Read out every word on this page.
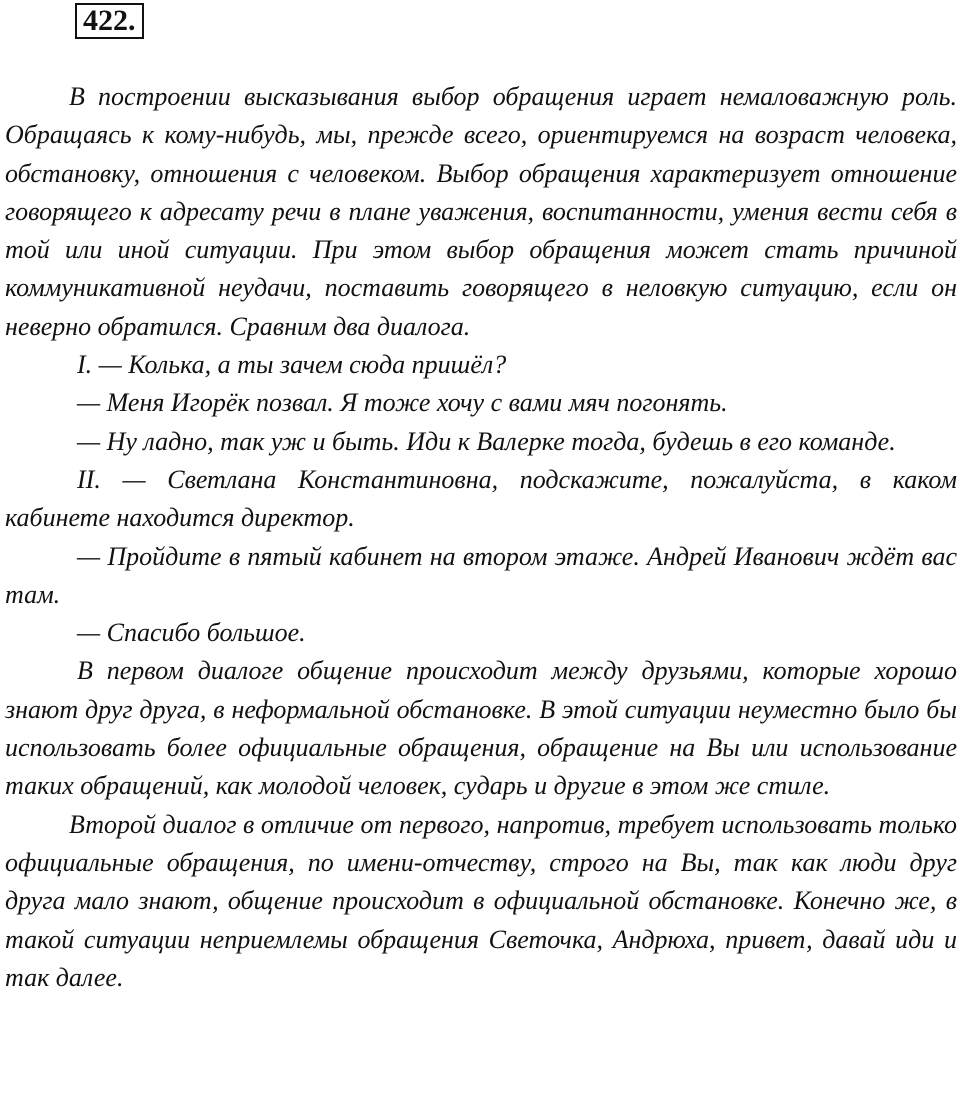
422.

В построении высказывания выбор обращения играет немаловажную роль. Обращаясь к кому-нибудь, мы, прежде всего, ориентируемся на возраст человека, обстановку, отношения с человеком. Выбор обращения характеризует отношение говорящего к адресату речи в плане уважения, воспитанности, умения вести себя в той или иной ситуации. При этом выбор обращения может стать причиной коммуникативной неудачи, поставить говорящего в неловкую ситуацию, если он неверно обратился. Сравним два диалога.

I. — Колька, а ты зачем сюда пришёл?

— Меня Игорёк позвал. Я тоже хочу с вами мяч погонять.

— Ну ладно, так уж и быть. Иди к Валерке тогда, будешь в его команде.

II. — Светлана Константиновна, подскажите, пожалуйста, в каком кабинете находится директор.

— Пройдите в пятый кабинет на втором этаже. Андрей Иванович ждёт вас там.

— Спасибо большое.

В первом диалоге общение происходит между друзьями, которые хорошо знают друг друга, в неформальной обстановке. В этой ситуации неуместно было бы использовать более официальные обращения, обращение на Вы или использование таких обращений, как молодой человек, сударь и другие в этом же стиле.

Второй диалог в отличие от первого, напротив, требует использовать только официальные обращения, по имени-отчеству, строго на Вы, так как люди друг друга мало знают, общение происходит в официальной обстановке. Конечно же, в такой ситуации неприемлемы обращения Светочка, Андрюха, привет, давай иди и так далее.
